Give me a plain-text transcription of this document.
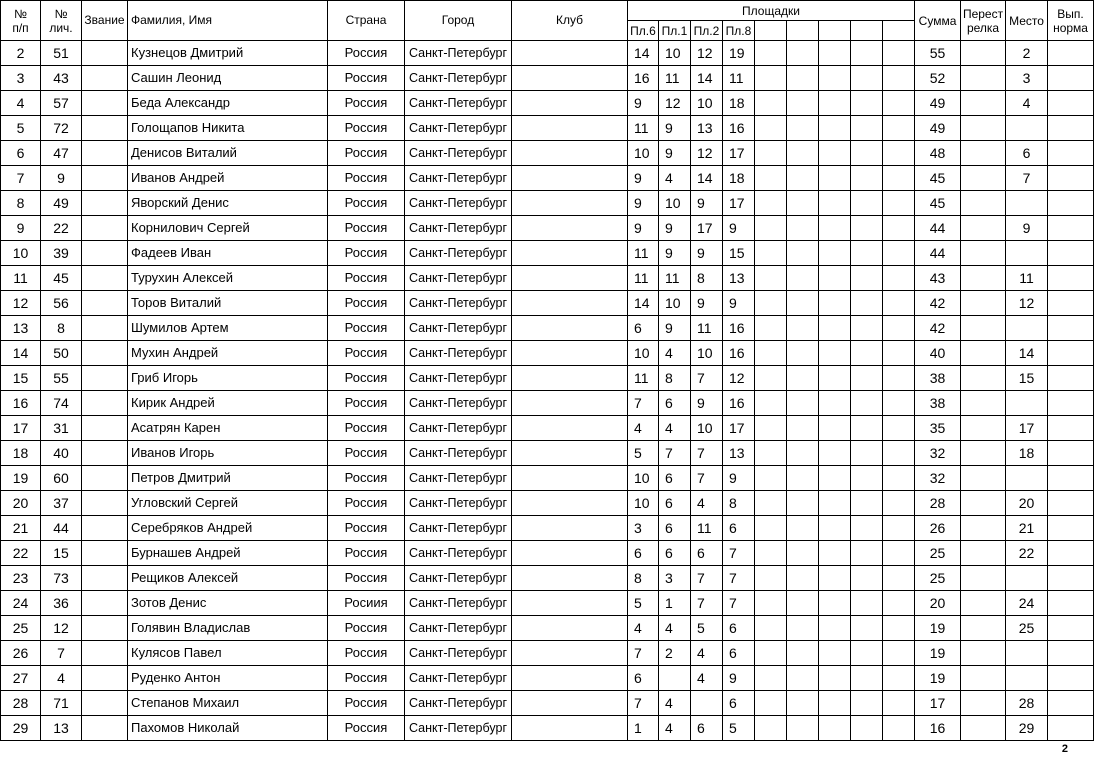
№ п/п	№ лич.	Звание	Фамилия, Имя	Страна	Город	Клуб	Площадки									Сумма	Перест релка	Место	Вып. норма
							Пл.6	Пл.1	Пл.2	Пл.8									
2	51		Кузнецов Дмитрий	Россия	Санкт-Петербург		14	10	12	19						55		2	
3	43		Сашин Леонид	Россия	Санкт-Петербург		16	11	14	11						52		3	
4	57		Беда Александр	Россия	Санкт-Петербург		9	12	10	18						49		4	
5	72		Голощапов Никита	Россия	Санкт-Петербург		11	9	13	16						49			
6	47		Денисов Виталий	Россия	Санкт-Петербург		10	9	12	17						48		6	
7	9		Иванов Андрей	Россия	Санкт-Петербург		9	4	14	18						45		7	
8	49		Яворский Денис	Россия	Санкт-Петербург		9	10	9	17						45			
9	22		Корнилович Сергей	Россия	Санкт-Петербург		9	9	17	9						44		9	
10	39		Фадеев Иван	Россия	Санкт-Петербург		11	9	9	15						44			
11	45		Турухин Алексей	Россия	Санкт-Петербург		11	11	8	13						43		11	
12	56		Торов Виталий	Россия	Санкт-Петербург		14	10	9	9						42		12	
13	8		Шумилов Артем	Россия	Санкт-Петербург		6	9	11	16						42			
14	50		Мухин Андрей	Россия	Санкт-Петербург		10	4	10	16						40		14	
15	55		Гриб Игорь	Россия	Санкт-Петербург		11	8	7	12						38		15	
16	74		Кирик Андрей	Россия	Санкт-Петербург		7	6	9	16						38			
17	31		Асатрян Карен	Россия	Санкт-Петербург		4	4	10	17						35		17	
18	40		Иванов Игорь	Россия	Санкт-Петербург		5	7	7	13						32		18	
19	60		Петров Дмитрий	Россия	Санкт-Петербург		10	6	7	9						32			
20	37		Угловский Сергей	Россия	Санкт-Петербург		10	6	4	8						28		20	
21	44		Серебряков Андрей	Россия	Санкт-Петербург		3	6	11	6						26		21	
22	15		Бурнашев Андрей	Россия	Санкт-Петербург		6	6	6	7						25		22	
23	73		Рещиков Алексей	Россия	Санкт-Петербург		8	3	7	7						25			
24	36		Зотов Денис	Росиия	Санкт-Петербург		5	1	7	7						20		24	
25	12		Голявин Владислав	Россия	Санкт-Петербург		4	4	5	6						19		25	
26	7		Кулясов Павел	Россия	Санкт-Петербург		7	2	4	6						19			
27	4		Руденко Антон	Россия	Санкт-Петербург		6		4	9						19			
28	71		Степанов Михаил	Россия	Санкт-Петербург		7	4		6						17		28	
29	13		Пахомов Николай	Россия	Санкт-Петербург		1	4	6	5						16		29	
2
